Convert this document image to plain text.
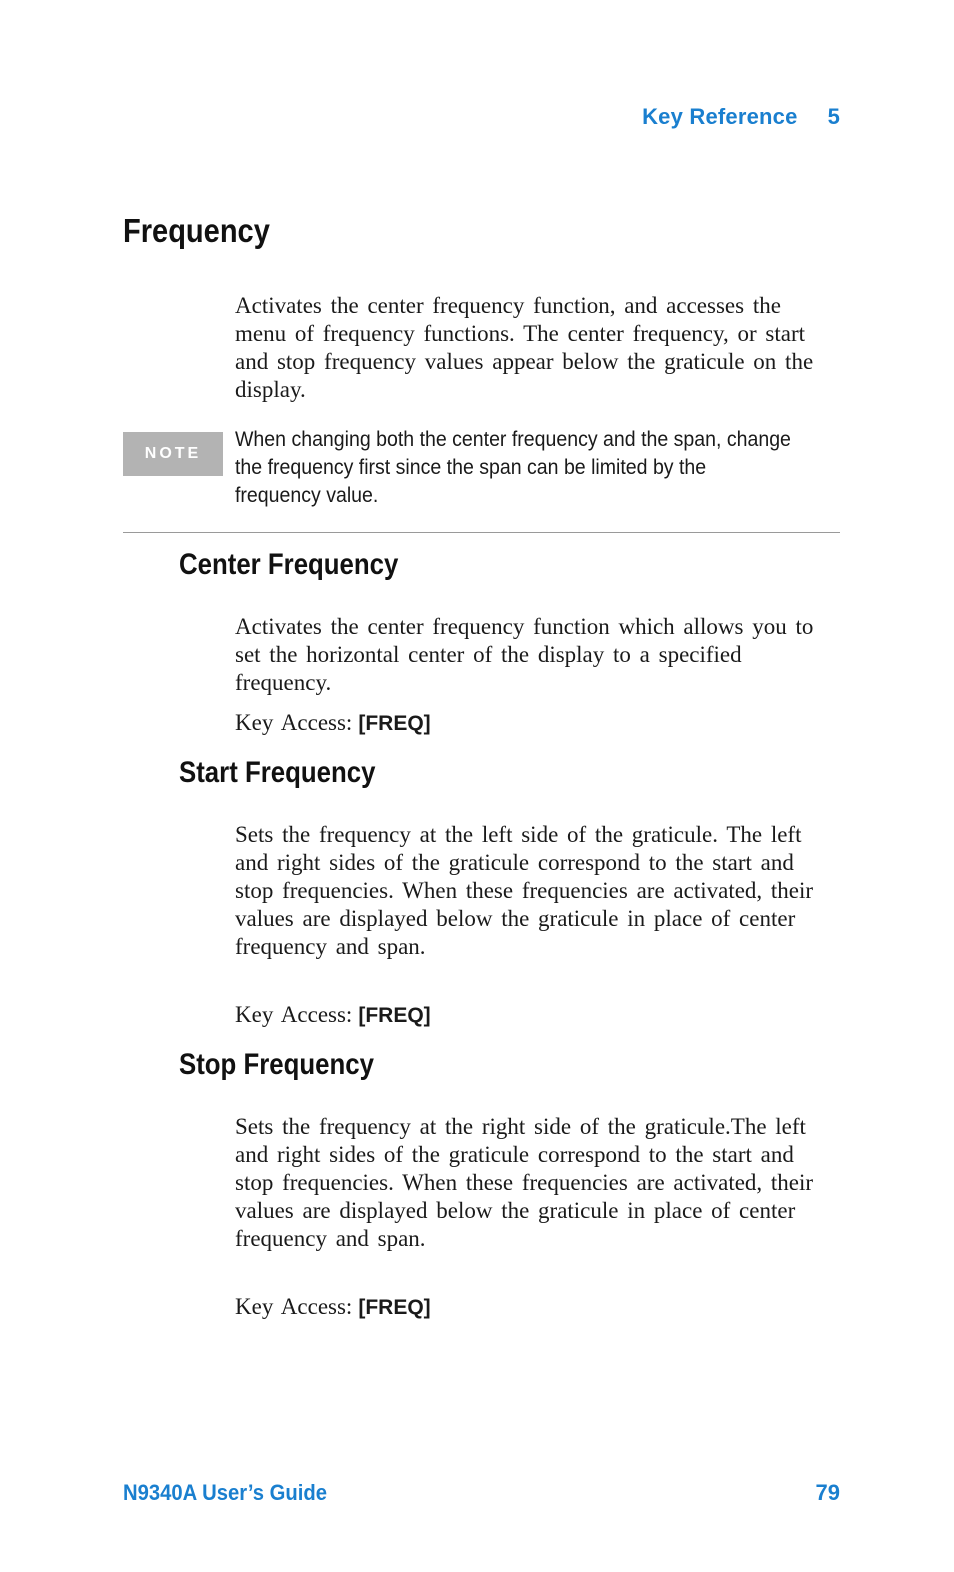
Key Reference 5
Frequency

Activates the center frequency function, and accesses the menu of frequency functions. The center frequency, or start and stop frequency values appear below the graticule on the display.

NOTE

When changing both the center frequency and the span, change the frequency first since the span can be limited by the frequency value.

Center Frequency

Activates the center frequency function which allows you to set the horizontal center of the display to a specified frequency.

Key Access: [FREQ]

Start Frequency

Sets the frequency at the left side of the graticule. The left and right sides of the graticule correspond to the start and stop frequencies. When these frequencies are activated, their values are displayed below the graticule in place of center frequency and span.

Key Access: [FREQ]

Stop Frequency

Sets the frequency at the right side of the graticule.The left and right sides of the graticule correspond to the start and stop frequencies. When these frequencies are activated, their values are displayed below the graticule in place of center frequency and span.

Key Access: [FREQ]

N9340A User’s Guide	79
